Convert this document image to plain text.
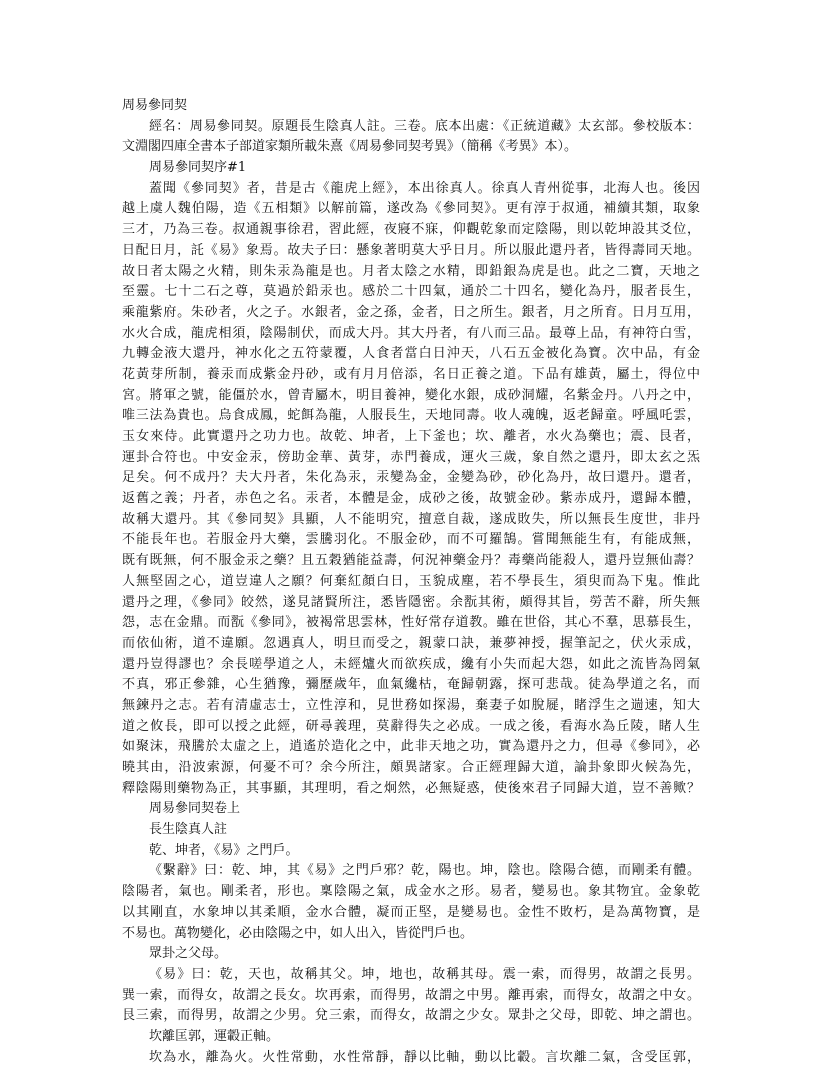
周易參同契
經名：周易參同契。原題長生陰真人註。三卷。底本出處：《正統道藏》太玄部。參校版本：
文淵閣四庫全書本子部道家類所載朱熹《周易參同契考異》（簡稱《考異》本）。
周易參同契序#1
蓋聞《參同契》者，昔是古《龍虎上經》，本出徐真人。徐真人青州從事，北海人也。後因
越上虞人魏伯陽，造《五相類》以解前篇，遂改為《參同契》。更有淳于叔通，補續其類，取象
三才，乃為三卷。叔通親事徐君，習此經，夜寢不寐，仰觀乾象而定陰陽，則以乾坤設其爻位，
日配日月，託《易》象焉。故夫子曰：懸象著明莫大乎日月。所以服此還丹者，皆得壽同天地。
故日者太陽之火精，則朱汞為龍是也。月者太陰之水精，即鉛銀為虎是也。此之二寶，天地之
至靈。七十二石之尊，莫過於鉛汞也。感於二十四氣，通於二十四名，變化為丹，服者長生，
乘龍紫府。朱砂者，火之子。水銀者，金之孫，金者，日之所生。銀者，月之所育。日月互用，
水火合成，龍虎相須，陰陽制伏，而成大丹。其大丹者，有八而三品。最尊上品，有神符白雪，
九轉金液大還丹，神水化之五符蒙覆，人食者當白日沖天，八石五金被化為寶。次中品，有金
花黃芽所制，養汞而成紫金丹砂，或有月月倍添，名日正養之道。下品有雄黃，屬土，得位中
宮。將軍之號，能僵於水，曾青屬木，明目養神，變化水銀，成砂洞耀，名紫金丹。八丹之中，
唯三法為貴也。烏食成鳳，蛇餌為龍，人服長生，天地同壽。收人魂魄，返老歸童。呼風吒雲，
玉女來侍。此實還丹之功力也。故乾、坤者，上下釜也；坎、離者，水火為藥也；震、艮者，
運卦合符也。中安金汞，傍助金華、黃芽，赤門養成，運火三歲，象自然之還丹，即太玄之炁
足矣。何不成丹？夫大丹者，朱化為汞，汞變為金，金變為砂，砂化為丹，故曰還丹。還者，
返舊之義；丹者，赤色之名。汞者，本體是金，成砂之後，故號金砂。紫赤成丹，還歸本體，
故稱大還丹。其《參同契》具顯，人不能明究，擅意自裁，遂成敗失，所以無長生度世，非丹
不能長年也。若服金丹大藥，雲騰羽化。不服金砂，而不可羅鵠。嘗聞無能生有，有能成無，
既有既無，何不服金汞之藥？且五穀猶能益壽，何況神藥金丹？毒藥尚能殺人，還丹豈無仙壽？
人無堅固之心，道豈違人之願？何棄紅顏白日，玉貌成塵，若不學長生，須臾而為下鬼。惟此
還丹之理，《參同》皎然，遂見諸賢所注，悉皆隱密。余翫其術，頗得其旨，勞苦不辭，所失無
怨，志在金鼎。而翫《參同》，被褐常思雲林，性好常存道教。雖在世俗，其心不羣，思慕長生，
而依仙術，道不違願。忽遇真人，明旦而受之，親蒙口訣，兼夢神授，握筆記之，伏火汞成，
還丹豈得謬也？余長嗟學道之人，未經爐火而欲疾成，纔有小失而起大怨，如此之流皆為罔氣
不真，邪正參雜，心生猶豫，彌歷歲年，血氣纔枯，奄歸朝露，探可悲哉。徒為學道之名，而
無鍊丹之志。若有清虛志士，立性淳和，見世務如探湯，棄妻子如脫屣，睹浮生之遄速，知大
道之攸長，即可以授之此經，研尋義理，莫辭得失之必成。一成之後，看海水為丘陵，睹人生
如聚沫，飛騰於太虛之上，逍遙於造化之中，此非天地之功，實為還丹之力，但尋《參同》，必
曉其由，沿波索源，何憂不可？余今所注，頗異諸家。合正經理歸大道，論卦象即火候為先，
釋陰陽則藥物為正，其事顯，其理明，看之炯然，必無疑惑，使後來君子同歸大道，豈不善歟？
周易參同契卷上
長生陰真人註
乾、坤者，《易》之門戶。
《繫辭》曰：乾、坤，其《易》之門戶邪？乾，陽也。坤，陰也。陰陽合德，而剛柔有體。
陰陽者，氣也。剛柔者，形也。稟陰陽之氣，成金水之形。易者，變易也。象其物宜。金象乾
以其剛直，水象坤以其柔順，金水合體，凝而正堅，是變易也。金性不敗朽，是為萬物寶，是
不易也。萬物變化，必由陰陽之中，如人出入，皆從門戶也。
眾卦之父母。
《易》曰：乾，天也，故稱其父。坤，地也，故稱其母。震一索，而得男，故謂之長男。
巽一索，而得女，故謂之長女。坎再索，而得男，故謂之中男。離再索，而得女，故謂之中女。
艮三索，而得男，故謂之少男。兌三索，而得女，故謂之少女。眾卦之父母，即乾、坤之謂也。
坎離匡郭，運轂正軸。
坎為水，離為火。火性常動，水性常靜，靜以比軸，動以比轂。言坎離二氣，含受匡郭，
